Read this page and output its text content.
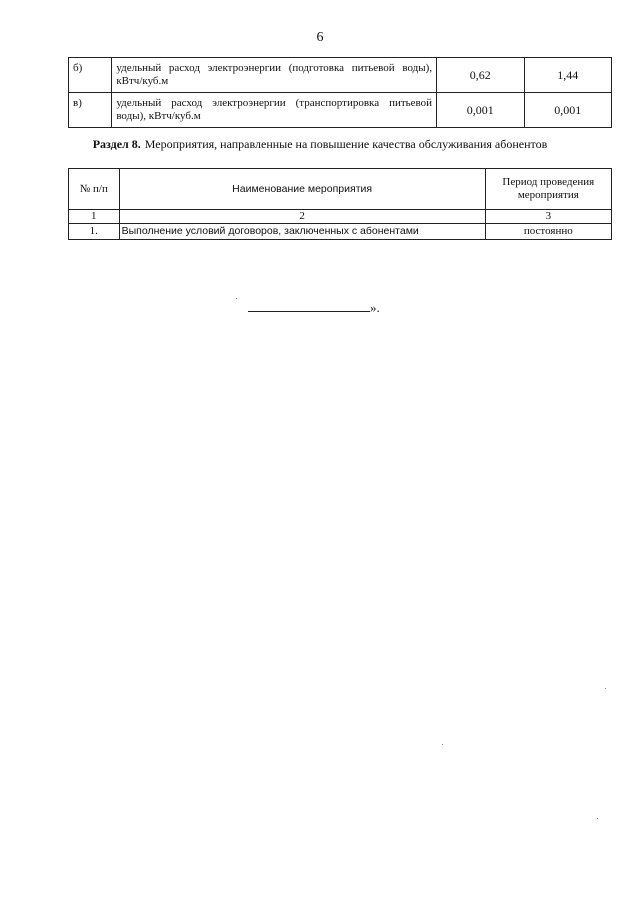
6
б)	удельный расход электроэнергии (подготовка питьевой воды), кВтч/куб.м	0,62	1,44
в)	удельный расход электроэнергии (транспортировка питьевой воды), кВтч/куб.м	0,001	0,001
Раздел 8. Мероприятия, направленные на повышение качества обслуживания абонентов
№ п/п	Наименование мероприятия	Период проведения мероприятия
1	2	3
1.	Выполнение условий договоров, заключенных с абонентами	постоянно
».
